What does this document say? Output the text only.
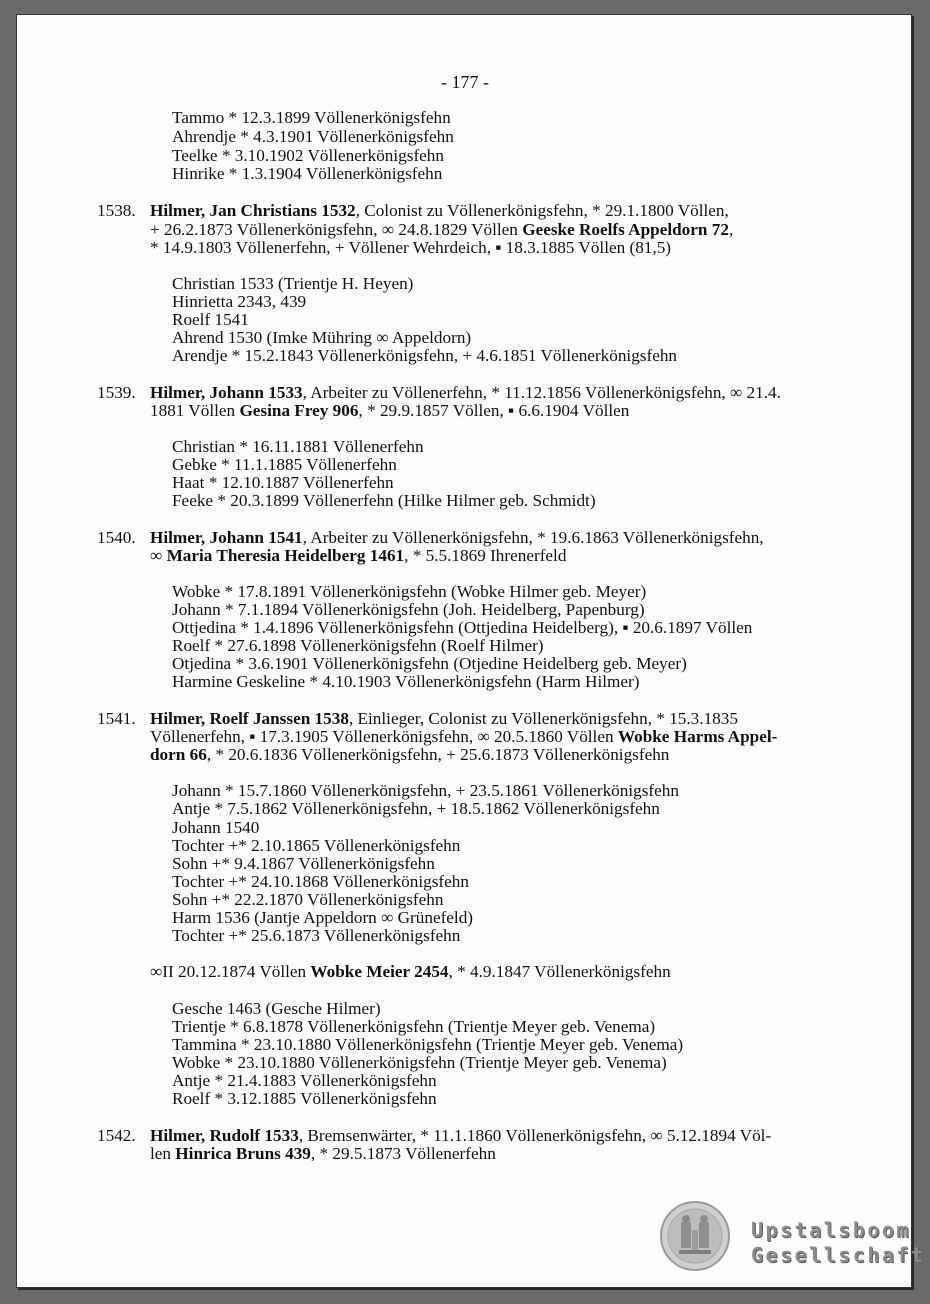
- 177 -
Tammo * 12.3.1899 Völlenerkönigsfehn
Ahrendje * 4.3.1901 Völlenerkönigsfehn
Teelke * 3.10.1902 Völlenerkönigsfehn
Hinrike * 1.3.1904 Völlenerkönigsfehn
1538. Hilmer, Jan Christians 1532, Colonist zu Völlenerkönigsfehn, * 29.1.1800 Völlen,
+ 26.2.1873 Völlenerkönigsfehn, ∞ 24.8.1829 Völlen Geeske Roelfs Appeldorn 72,
* 14.9.1803 Völlenerfehn, + Völlener Wehrdeich, ▪ 18.3.1885 Völlen (81,5)
Christian 1533 (Trientje H. Heyen)
Hinrietta 2343, 439
Roelf 1541
Ahrend 1530 (Imke Mühring ∞ Appeldorn)
Arendje * 15.2.1843 Völlenerkönigsfehn, + 4.6.1851 Völlenerkönigsfehn
1539. Hilmer, Johann 1533, Arbeiter zu Völlenerfehn, * 11.12.1856 Völlenerkönigsfehn, ∞ 21.4.
1881 Völlen Gesina Frey 906, * 29.9.1857 Völlen, ▪ 6.6.1904 Völlen
Christian * 16.11.1881 Völlenerfehn
Gebke * 11.1.1885 Völlenerfehn
Haat * 12.10.1887 Völlenerfehn
Feeke * 20.3.1899 Völlenerfehn (Hilke Hilmer geb. Schmidt)
1540. Hilmer, Johann 1541, Arbeiter zu Völlenerkönigsfehn, * 19.6.1863 Völlenerkönigsfehn,
∞ Maria Theresia Heidelberg 1461, * 5.5.1869 Ihrenerfeld
Wobke * 17.8.1891 Völlenerkönigsfehn (Wobke Hilmer geb. Meyer)
Johann * 7.1.1894 Völlenerkönigsfehn (Joh. Heidelberg, Papenburg)
Ottjedina * 1.4.1896 Völlenerkönigsfehn (Ottjedina Heidelberg), ▪ 20.6.1897 Völlen
Roelf * 27.6.1898 Völlenerkönigsfehn (Roelf Hilmer)
Otjedina * 3.6.1901 Völlenerkönigsfehn (Otjedine Heidelberg geb. Meyer)
Harmine Geskeline * 4.10.1903 Völlenerkönigsfehn (Harm Hilmer)
1541. Hilmer, Roelf Janssen 1538, Einlieger, Colonist zu Völlenerkönigsfehn, * 15.3.1835
Völlenerfehn, ▪ 17.3.1905 Völlenerkönigsfehn, ∞ 20.5.1860 Völlen Wobke Harms Appel-
dorn 66, * 20.6.1836 Völlenerkönigsfehn, + 25.6.1873 Völlenerkönigsfehn
Johann * 15.7.1860 Völlenerkönigsfehn, + 23.5.1861 Völlenerkönigsfehn
Antje * 7.5.1862 Völlenerkönigsfehn, + 18.5.1862 Völlenerkönigsfehn
Johann 1540
Tochter +* 2.10.1865 Völlenerkönigsfehn
Sohn +* 9.4.1867 Völlenerkönigsfehn
Tochter +* 24.10.1868 Völlenerkönigsfehn
Sohn +* 22.2.1870 Völlenerkönigsfehn
Harm 1536 (Jantje Appeldorn ∞ Grünefeld)
Tochter +* 25.6.1873 Völlenerkönigsfehn
∞II 20.12.1874 Völlen Wobke Meier 2454, * 4.9.1847 Völlenerkönigsfehn
Gesche 1463 (Gesche Hilmer)
Trientje * 6.8.1878 Völlenerkönigsfehn (Trientje Meyer geb. Venema)
Tammina * 23.10.1880 Völlenerkönigsfehn (Trientje Meyer geb. Venema)
Wobke * 23.10.1880 Völlenerkönigsfehn (Trientje Meyer geb. Venema)
Antje * 21.4.1883 Völlenerkönigsfehn
Roelf * 3.12.1885 Völlenerkönigsfehn
1542. Hilmer, Rudolf 1533, Bremsenwärter, * 11.1.1860 Völlenerkönigsfehn, ∞ 5.12.1894 Völ-
len Hinrica Bruns 439, * 29.5.1873 Völlenerfehn
Upstalsboom
Gesellschaft
